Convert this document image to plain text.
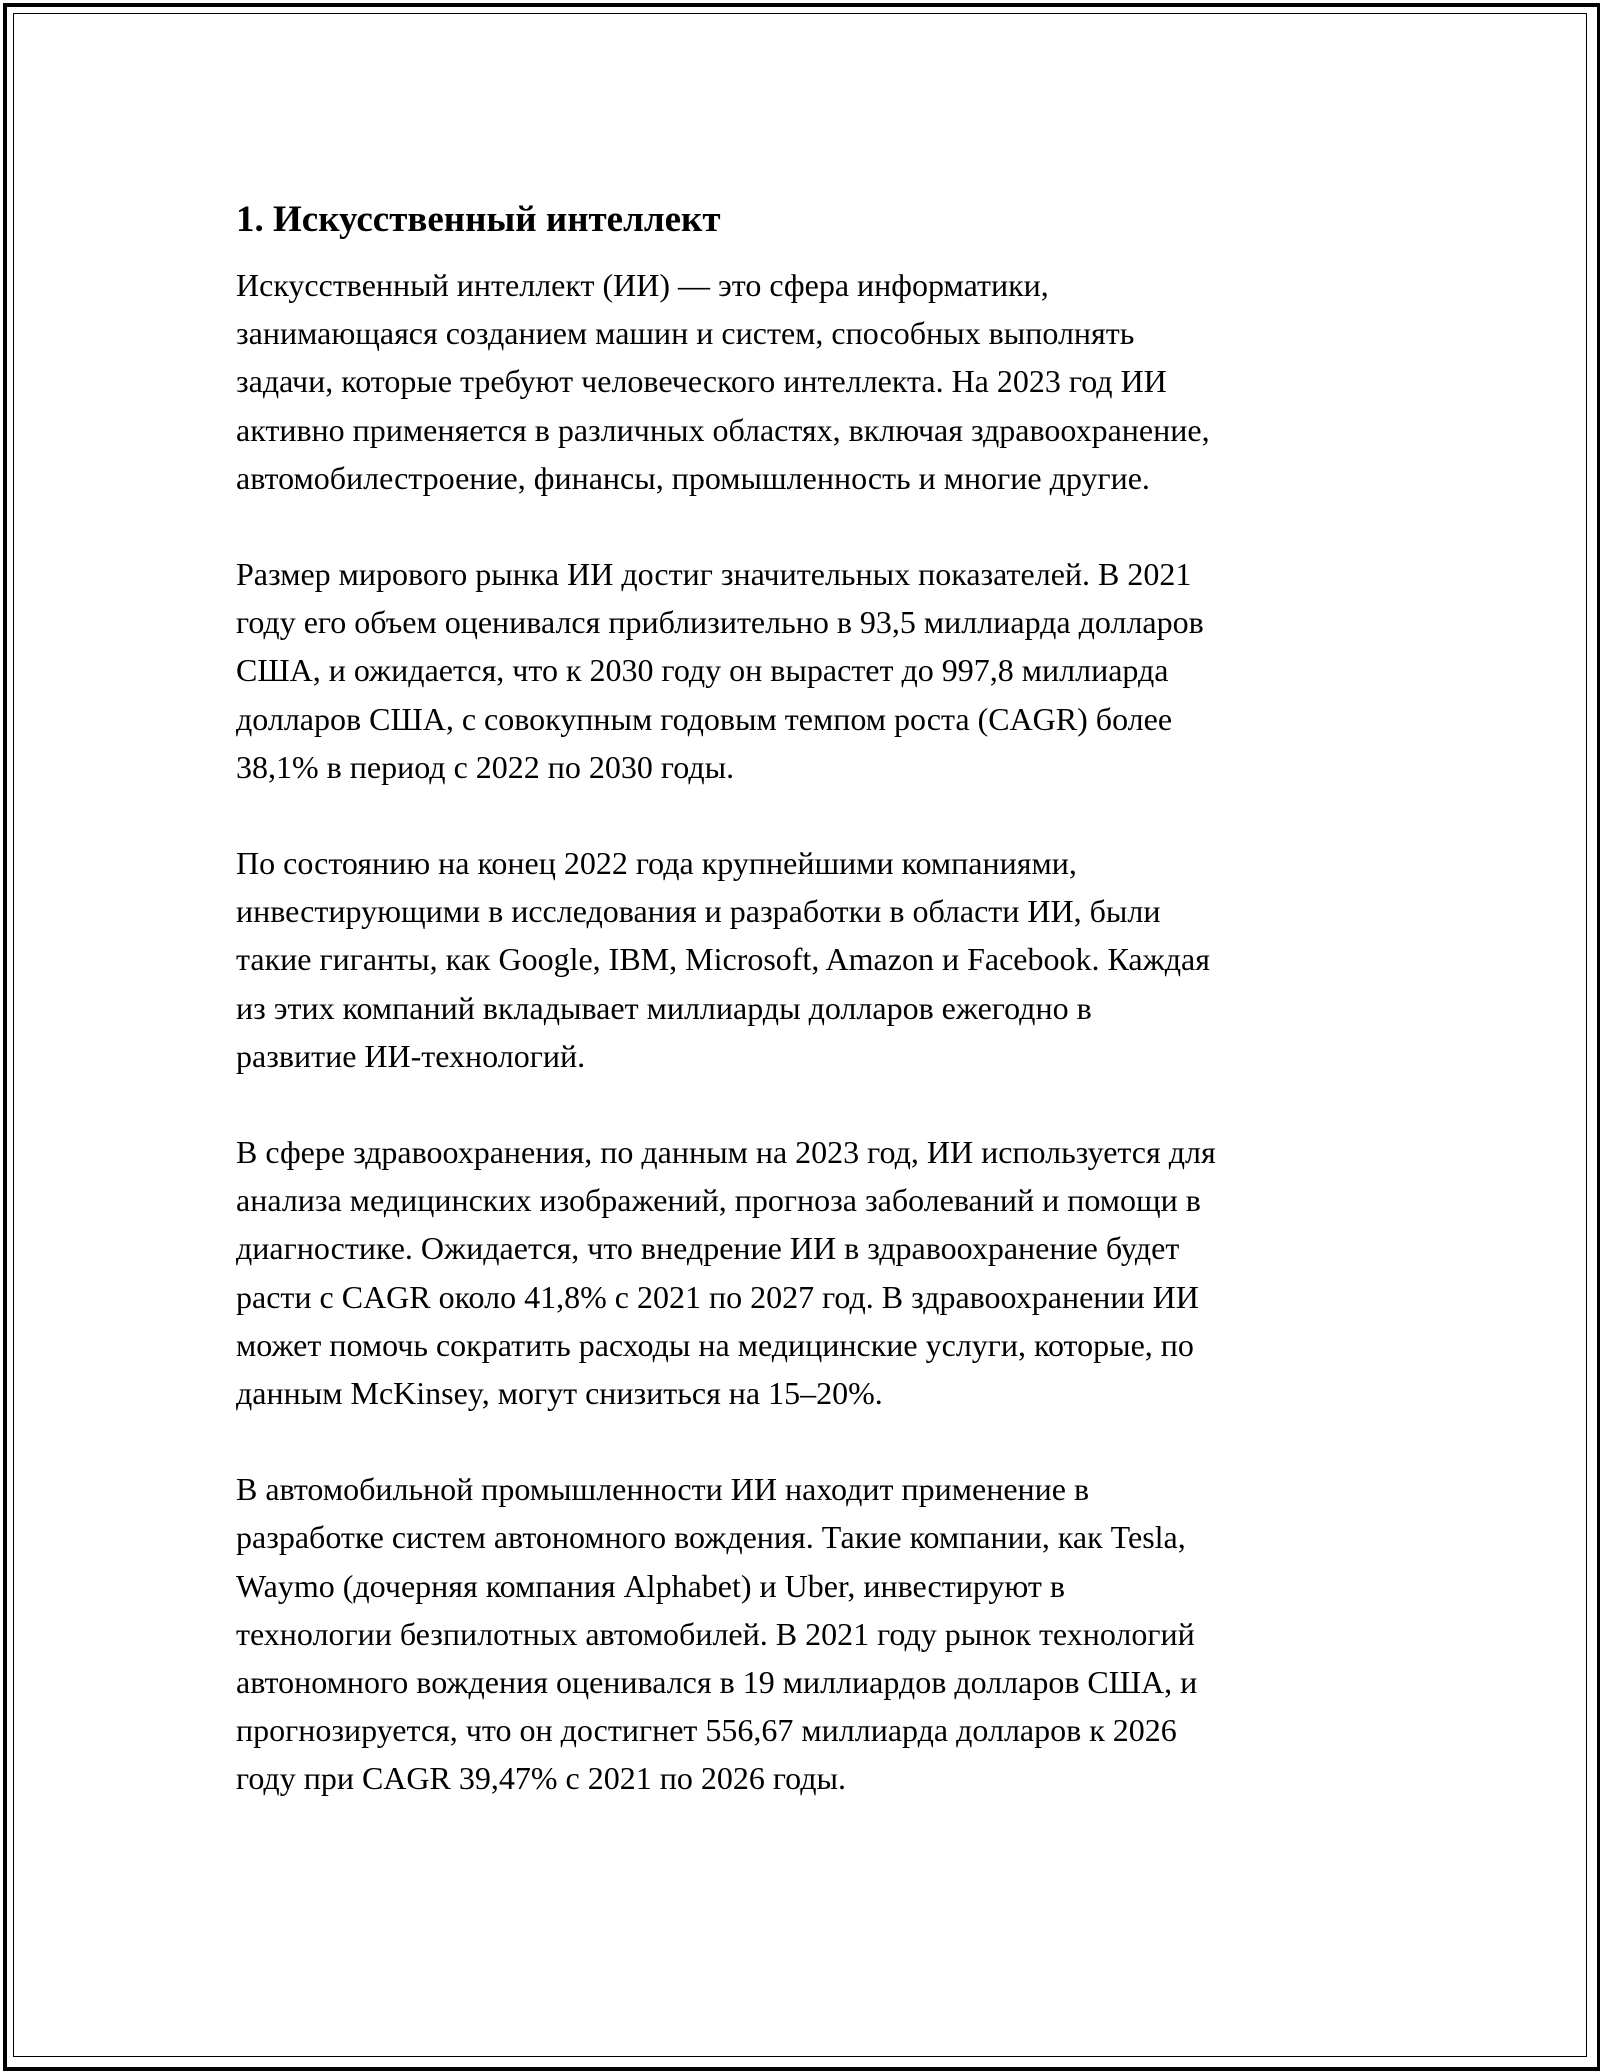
1. Искусственный интеллект

Искусственный интеллект (ИИ) — это сфера информатики,
занимающаяся созданием машин и систем, способных выполнять
задачи, которые требуют человеческого интеллекта. На 2023 год ИИ
активно применяется в различных областях, включая здравоохранение,
автомобилестроение, финансы, промышленность и многие другие.

Размер мирового рынка ИИ достиг значительных показателей. В 2021
году его объем оценивался приблизительно в 93,5 миллиарда долларов
США, и ожидается, что к 2030 году он вырастет до 997,8 миллиарда
долларов США, с совокупным годовым темпом роста (CAGR) более
38,1% в период с 2022 по 2030 годы.

По состоянию на конец 2022 года крупнейшими компаниями,
инвестирующими в исследования и разработки в области ИИ, были
такие гиганты, как Google, IBM, Microsoft, Amazon и Facebook. Каждая
из этих компаний вкладывает миллиарды долларов ежегодно в
развитие ИИ-технологий.

В сфере здравоохранения, по данным на 2023 год, ИИ используется для
анализа медицинских изображений, прогноза заболеваний и помощи в
диагностике. Ожидается, что внедрение ИИ в здравоохранение будет
расти с CAGR около 41,8% с 2021 по 2027 год. В здравоохранении ИИ
может помочь сократить расходы на медицинские услуги, которые, по
данным McKinsey, могут снизиться на 15–20%.

В автомобильной промышленности ИИ находит применение в
разработке систем автономного вождения. Такие компании, как Tesla,
Waymo (дочерняя компания Alphabet) и Uber, инвестируют в
технологии безпилотных автомобилей. В 2021 году рынок технологий
автономного вождения оценивался в 19 миллиардов долларов США, и
прогнозируется, что он достигнет 556,67 миллиарда долларов к 2026
году при CAGR 39,47% с 2021 по 2026 годы.
